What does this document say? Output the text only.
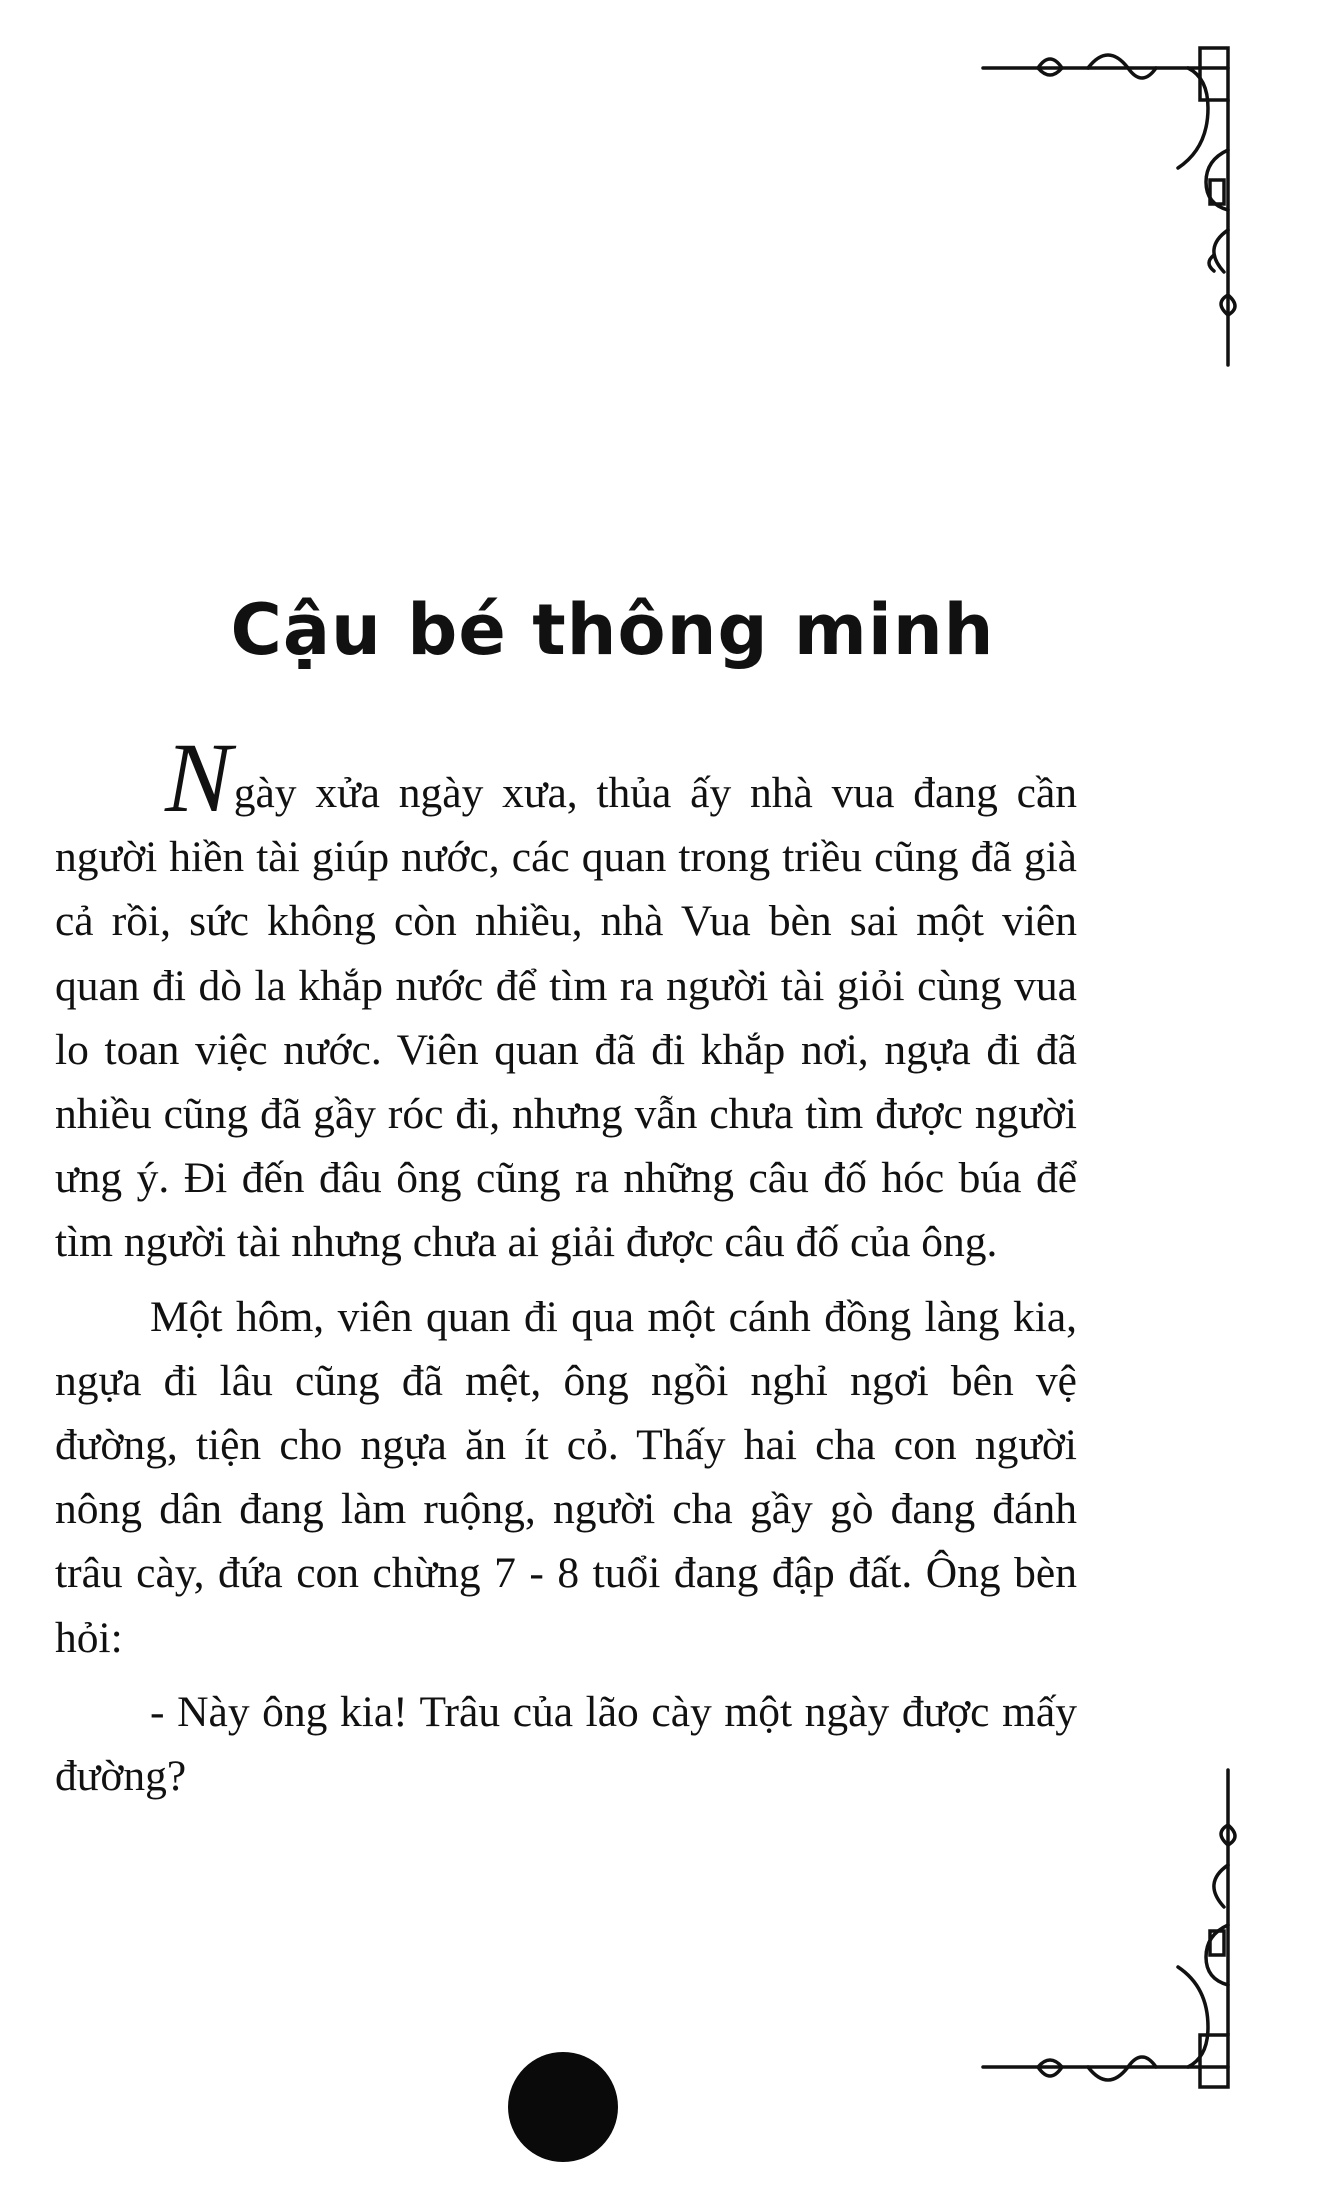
Cậu bé thông minh

Ngày xửa ngày xưa, thủa ấy nhà vua đang cần người hiền tài giúp nước, các quan trong triều cũng đã già cả rồi, sức không còn nhiều, nhà Vua bèn sai một viên quan đi dò la khắp nước để tìm ra người tài giỏi cùng vua lo toan việc nước. Viên quan đã đi khắp nơi, ngựa đi đã nhiều cũng đã gầy róc đi, nhưng vẫn chưa tìm được người ưng ý. Đi đến đâu ông cũng ra những câu đố hóc búa để tìm người tài nhưng chưa ai giải được câu đố của ông.

Một hôm, viên quan đi qua một cánh đồng làng kia, ngựa đi lâu cũng đã mệt, ông ngồi nghỉ ngơi bên vệ đường, tiện cho ngựa ăn ít cỏ. Thấy hai cha con người nông dân đang làm ruộng, người cha gầy gò đang đánh trâu cày, đứa con chừng 7 - 8 tuổi đang đập đất. Ông bèn hỏi:

- Này ông kia! Trâu của lão cày một ngày được mấy đường?
